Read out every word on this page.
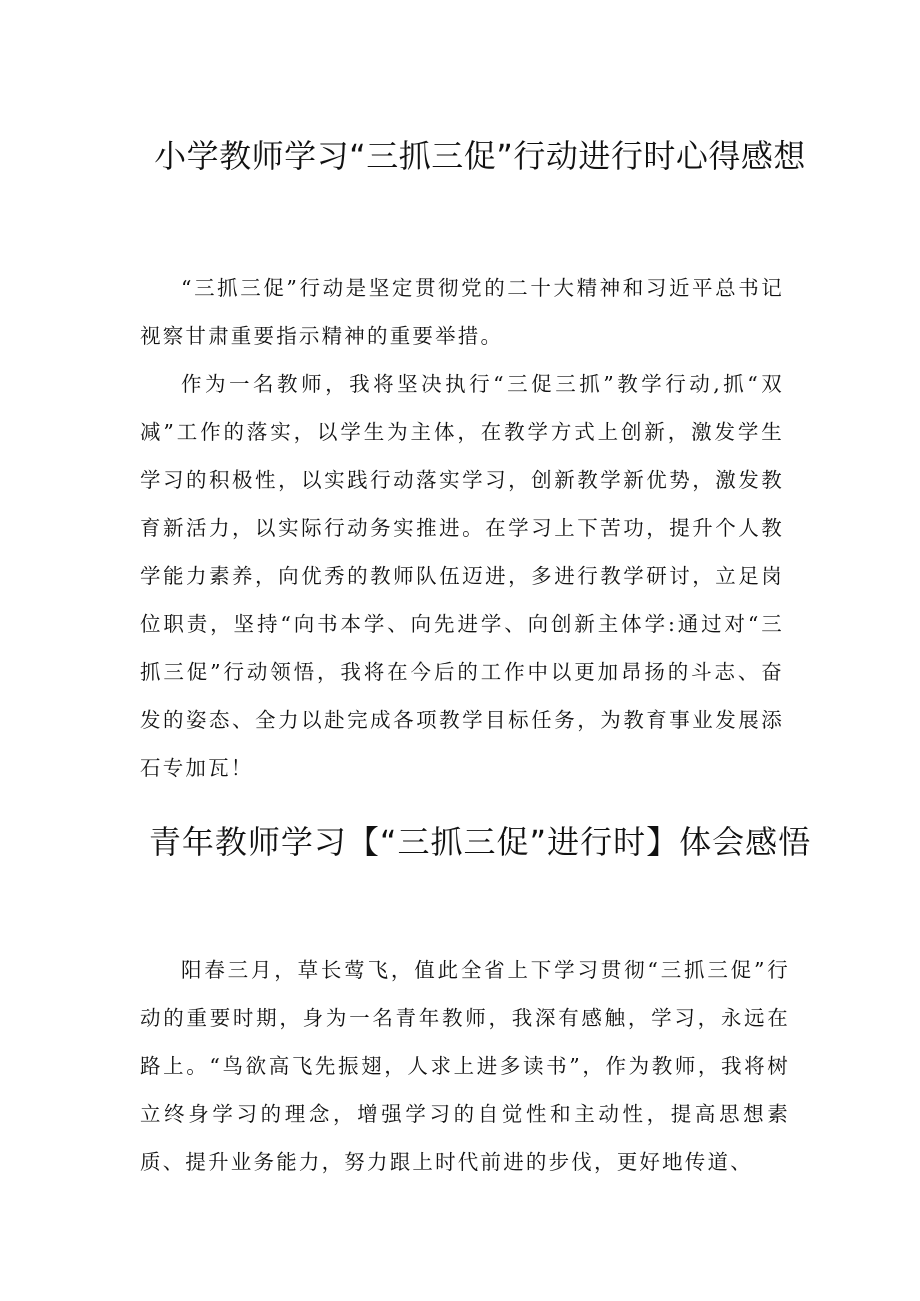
小学教师学习“三抓三促”行动进行时心得感想

“三抓三促”行动是坚定贯彻党的二十大精神和习近平总书记视察甘肃重要指示精神的重要举措。

作为一名教师，我将坚决执行“三促三抓”教学行动,抓“双减”工作的落实，以学生为主体，在教学方式上创新，激发学生学习的积极性，以实践行动落实学习，创新教学新优势，激发教育新活力，以实际行动务实推进。在学习上下苦功，提升个人教学能力素养，向优秀的教师队伍迈进，多进行教学研讨，立足岗位职责，坚持“向书本学、向先进学、向创新主体学:通过对“三抓三促”行动领悟，我将在今后的工作中以更加昂扬的斗志、奋发的姿态、全力以赴完成各项教学目标任务，为教育事业发展添石专加瓦！

青年教师学习【“三抓三促”进行时】体会感悟

阳春三月，草长莺飞，值此全省上下学习贯彻“三抓三促”行动的重要时期，身为一名青年教师，我深有感触，学习，永远在路上。“鸟欲高飞先振翅，人求上进多读书”，作为教师，我将树立终身学习的理念，增强学习的自觉性和主动性，提高思想素质、提升业务能力，努力跟上时代前进的步伐，更好地传道、
